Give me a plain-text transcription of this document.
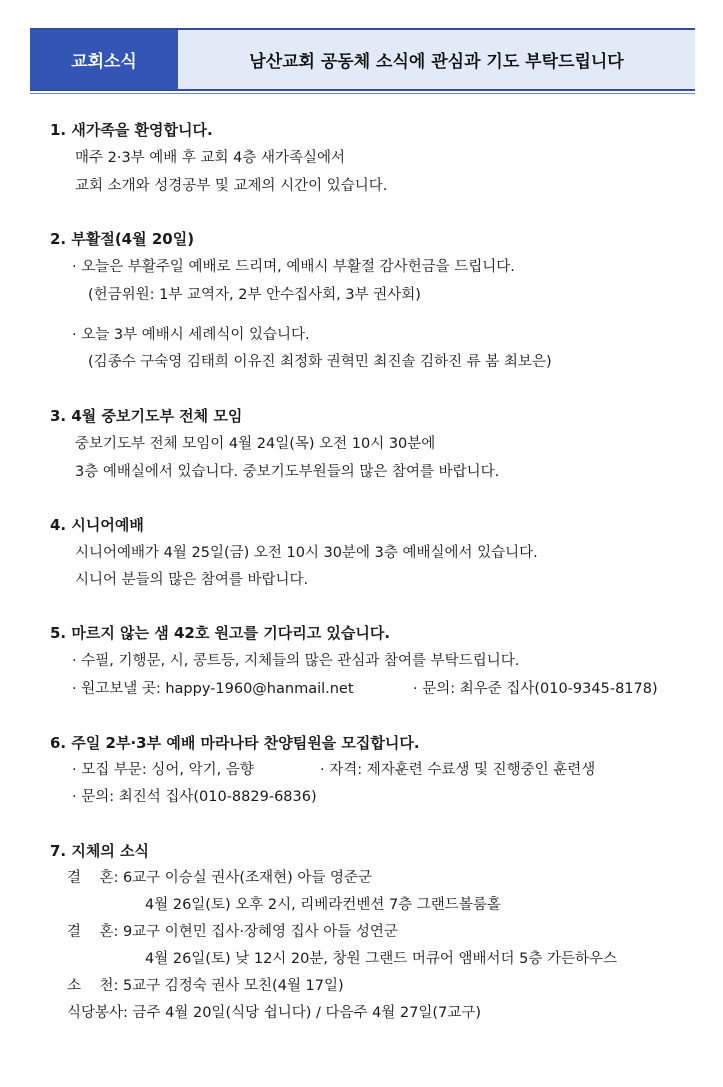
교회소식	남산교회 공동체 소식에 관심과 기도 부탁드립니다
1. 새가족을 환영합니다.
매주 2·3부 예배 후 교회 4층 새가족실에서
교회 소개와 성경공부 및 교제의 시간이 있습니다.
2. 부활절(4월 20일)
· 오늘은 부활주일 예배로 드리며, 예배시 부활절 감사헌금을 드립니다.
(헌금위원: 1부 교역자, 2부 안수집사회, 3부 권사회)
· 오늘 3부 예배시 세례식이 있습니다.
(김종수 구숙영 김태희 이유진 최정화 권혁민 최진솔 김하진 류 봄 최보은)
3. 4월 중보기도부 전체 모임
중보기도부 전체 모임이 4월 24일(목) 오전 10시 30분에
3층 예배실에서 있습니다. 중보기도부원들의 많은 참여를 바랍니다.
4. 시니어예배
시니어예배가 4월 25일(금) 오전 10시 30분에 3층 예배실에서 있습니다.
시니어 분들의 많은 참여를 바랍니다.
5. 마르지 않는 샘 42호 원고를 기다리고 있습니다.
· 수필, 기행문, 시, 콩트등, 지체들의 많은 관심과 참여를 부탁드립니다.
· 원고보낼 곳: happy-1960@hanmail.net	· 문의: 최우준 집사(010-9345-8178)
6. 주일 2부·3부 예배 마라나타 찬양팀원을 모집합니다.
· 모집 부문: 싱어, 악기, 음향	· 자격: 제자훈련 수료생 및 진행중인 훈련생
· 문의: 최진석 집사(010-8829-6836)
7. 지체의 소식
결    혼: 6교구 이승실 권사(조재현) 아들 영준군
4월 26일(토) 오후 2시, 리베라컨벤션 7층 그랜드볼룸홀
결    혼: 9교구 이현민 집사·장혜영 집사 아들 성연군
4월 26일(토) 낮 12시 20분, 창원 그랜드 머큐어 앰배서더 5층 가든하우스
소    천: 5교구 김정숙 권사 모친(4월 17일)
식당봉사: 금주 4월 20일(식당 쉽니다) / 다음주 4월 27일(7교구)
